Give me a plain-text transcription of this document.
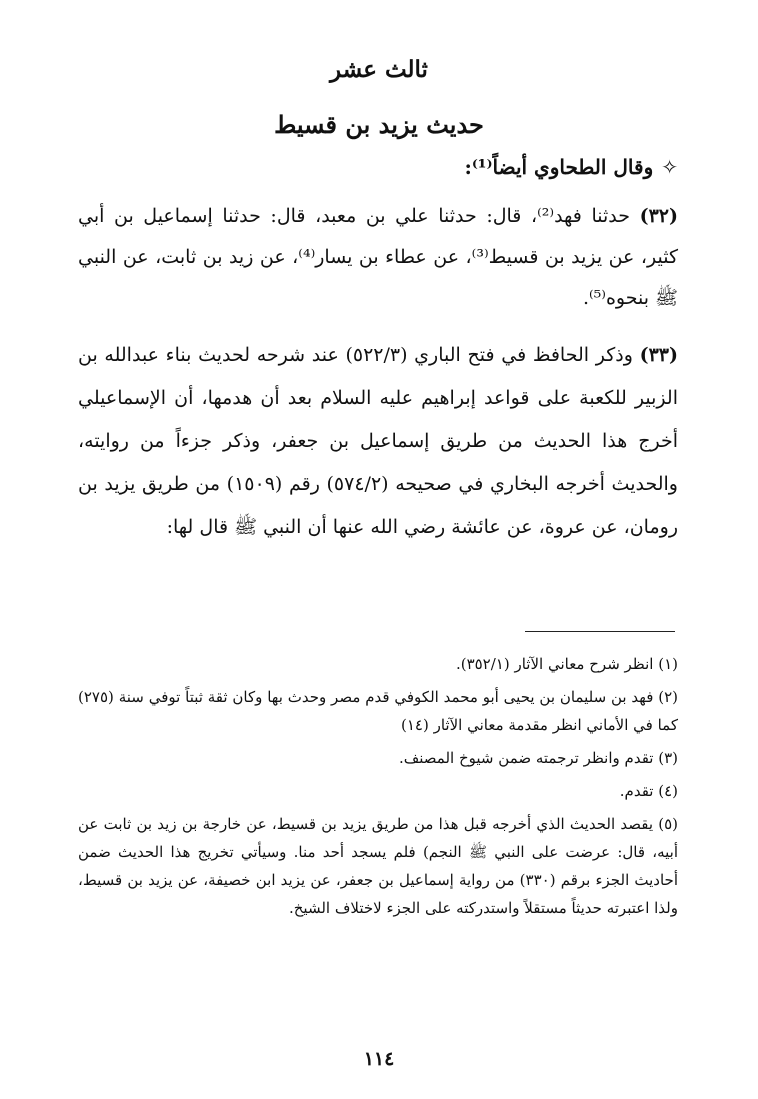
ثالث عشر
حديث يزيد بن قسيط
✧وقال الطحاوي أيضاً⁽¹⁾:
(٣٢) حدثنا فهد⁽²⁾، قال: حدثنا علي بن معبد، قال: حدثنا إسماعيل بن أبي كثير، عن يزيد بن قسيط⁽³⁾، عن عطاء بن يسار⁽⁴⁾، عن زيد بن ثابت، عن النبي ﷺ بنحوه⁽⁵⁾.
(٣٣) وذكر الحافظ في فتح الباري (٥٢٢/٣) عند شرحه لحديث بناء عبدالله بن الزبير للكعبة على قواعد إبراهيم عليه السلام بعد أن هدمها، أن الإسماعيلي أخرج هذا الحديث من طريق إسماعيل بن جعفر، وذكر جزءاً من روايته، والحديث أخرجه البخاري في صحيحه (٥٧٤/٢) رقم (١٥٠٩) من طريق يزيد بن رومان، عن عروة، عن عائشة رضي الله عنها أن النبي ﷺ قال لها:
(١) انظر شرح معاني الآثار (٣٥٢/١).
(٢) فهد بن سليمان بن يحيى أبو محمد الكوفي قدم مصر وحدث بها وكان ثقة ثبتاً توفي سنة (٢٧٥) كما في الأماني انظر مقدمة معاني الآثار (١٤)
(٣) تقدم وانظر ترجمته ضمن شيوخ المصنف.
(٤) تقدم.
(٥) يقصد الحديث الذي أخرجه قبل هذا من طريق يزيد بن قسيط، عن خارجة بن زيد بن ثابت عن أبيه، قال: عرضت على النبي ﷺ النجم) فلم يسجد أحد منا. وسيأتي تخريج هذا الحديث ضمن أحاديث الجزء برقم (٣٣٠) من رواية إسماعيل بن جعفر، عن يزيد ابن خصيفة، عن يزيد بن قسيط، ولذا اعتبرته حديثاً مستقلاً واستدركته على الجزء لاختلاف الشيخ.
١١٤
